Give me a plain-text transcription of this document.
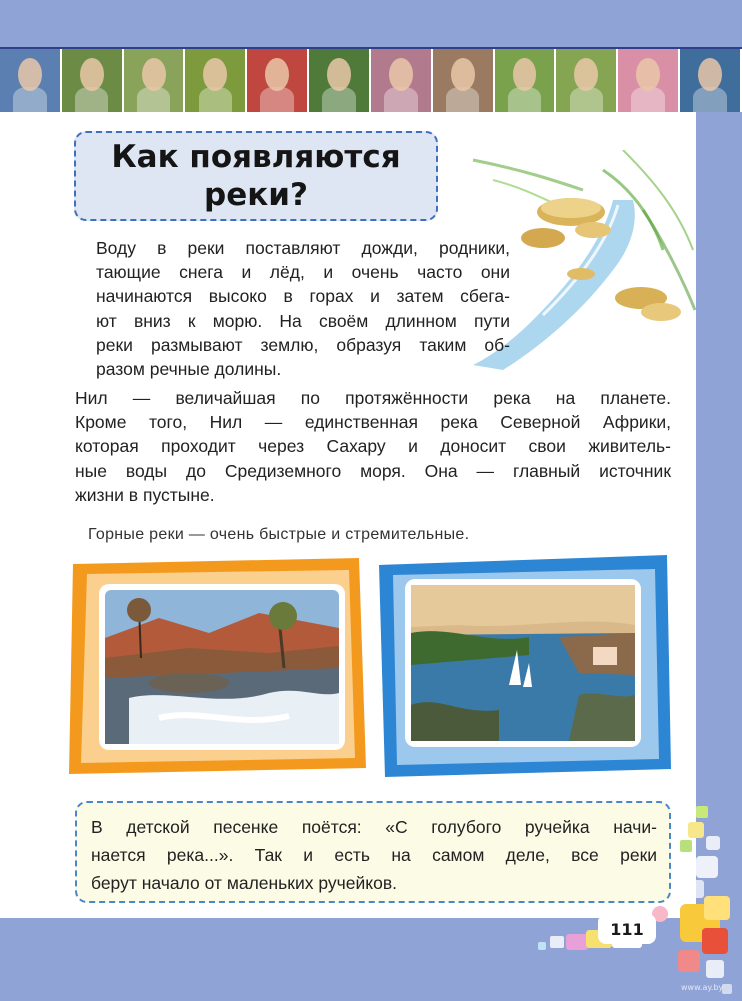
Как появляются
реки?

Воду в реки поставляют дожди, родники,
тающие снега и лёд, и очень часто они
начинаются высоко в горах и затем сбега-
ют вниз к морю. На своём длинном пути
реки размывают землю, образуя таким об-
разом речные долины.

Нил — величайшая по протяжённости река на планете.
Кроме того, Нил — единственная река Северной Африки,
которая проходит через Сахару и доносит свои живитель-
ные воды до Средиземного моря. Она — главный источник
жизни в пустыне.

Горные реки — очень быстрые и стремительные.
В детской песенке поётся: «С голубого ручейка начи-
нается река...». Так и есть на самом деле, все реки
берут начало от маленьких ручейков.
111
www.ay.by
